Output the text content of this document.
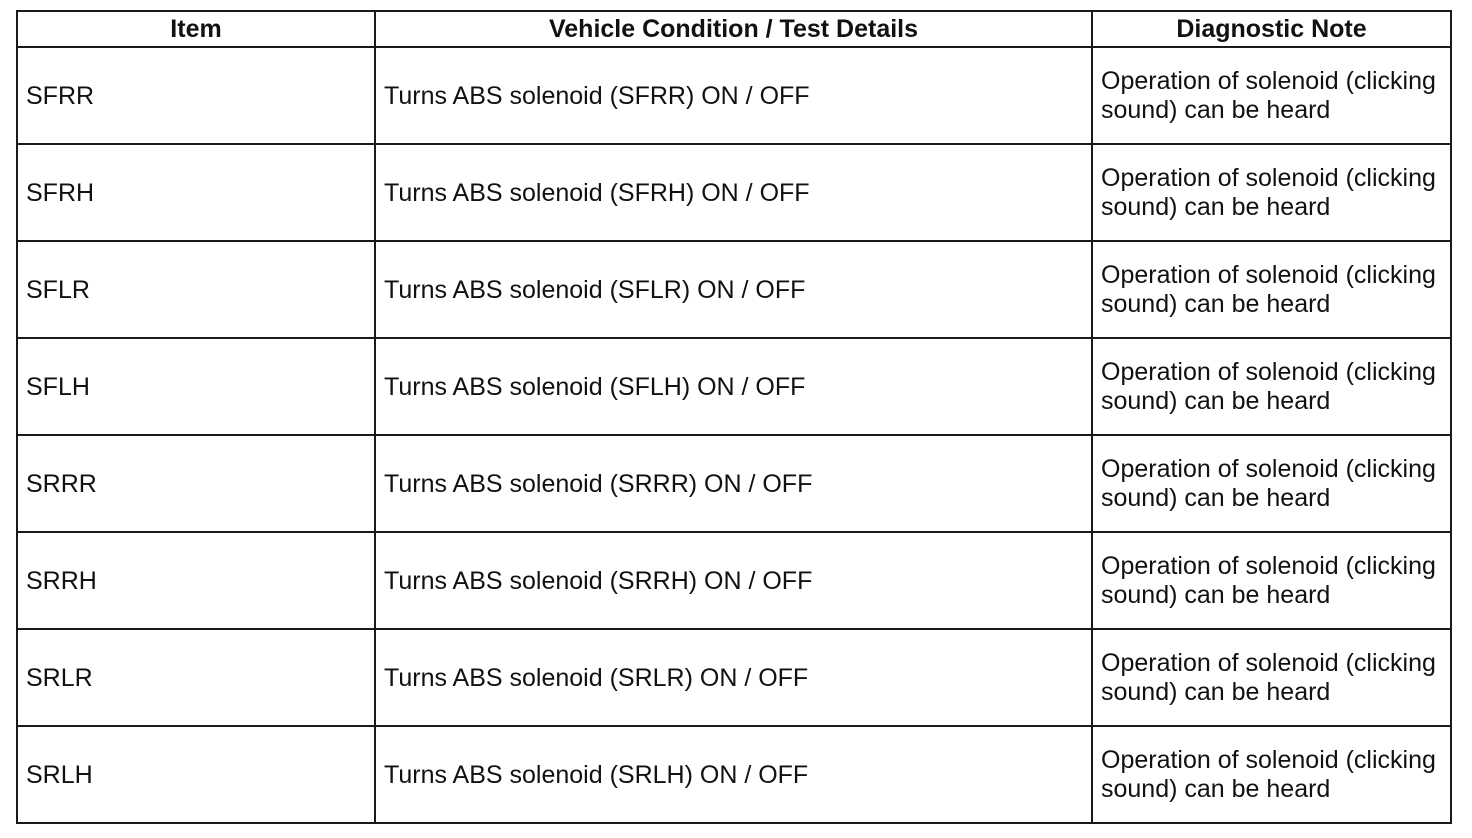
Item	Vehicle Condition / Test Details	Diagnostic Note
SFRR	Turns ABS solenoid (SFRR) ON / OFF	Operation of solenoid (clicking sound) can be heard
SFRH	Turns ABS solenoid (SFRH) ON / OFF	Operation of solenoid (clicking sound) can be heard
SFLR	Turns ABS solenoid (SFLR) ON / OFF	Operation of solenoid (clicking sound) can be heard
SFLH	Turns ABS solenoid (SFLH) ON / OFF	Operation of solenoid (clicking sound) can be heard
SRRR	Turns ABS solenoid (SRRR) ON / OFF	Operation of solenoid (clicking sound) can be heard
SRRH	Turns ABS solenoid (SRRH) ON / OFF	Operation of solenoid (clicking sound) can be heard
SRLR	Turns ABS solenoid (SRLR) ON / OFF	Operation of solenoid (clicking sound) can be heard
SRLH	Turns ABS solenoid (SRLH) ON / OFF	Operation of solenoid (clicking sound) can be heard
